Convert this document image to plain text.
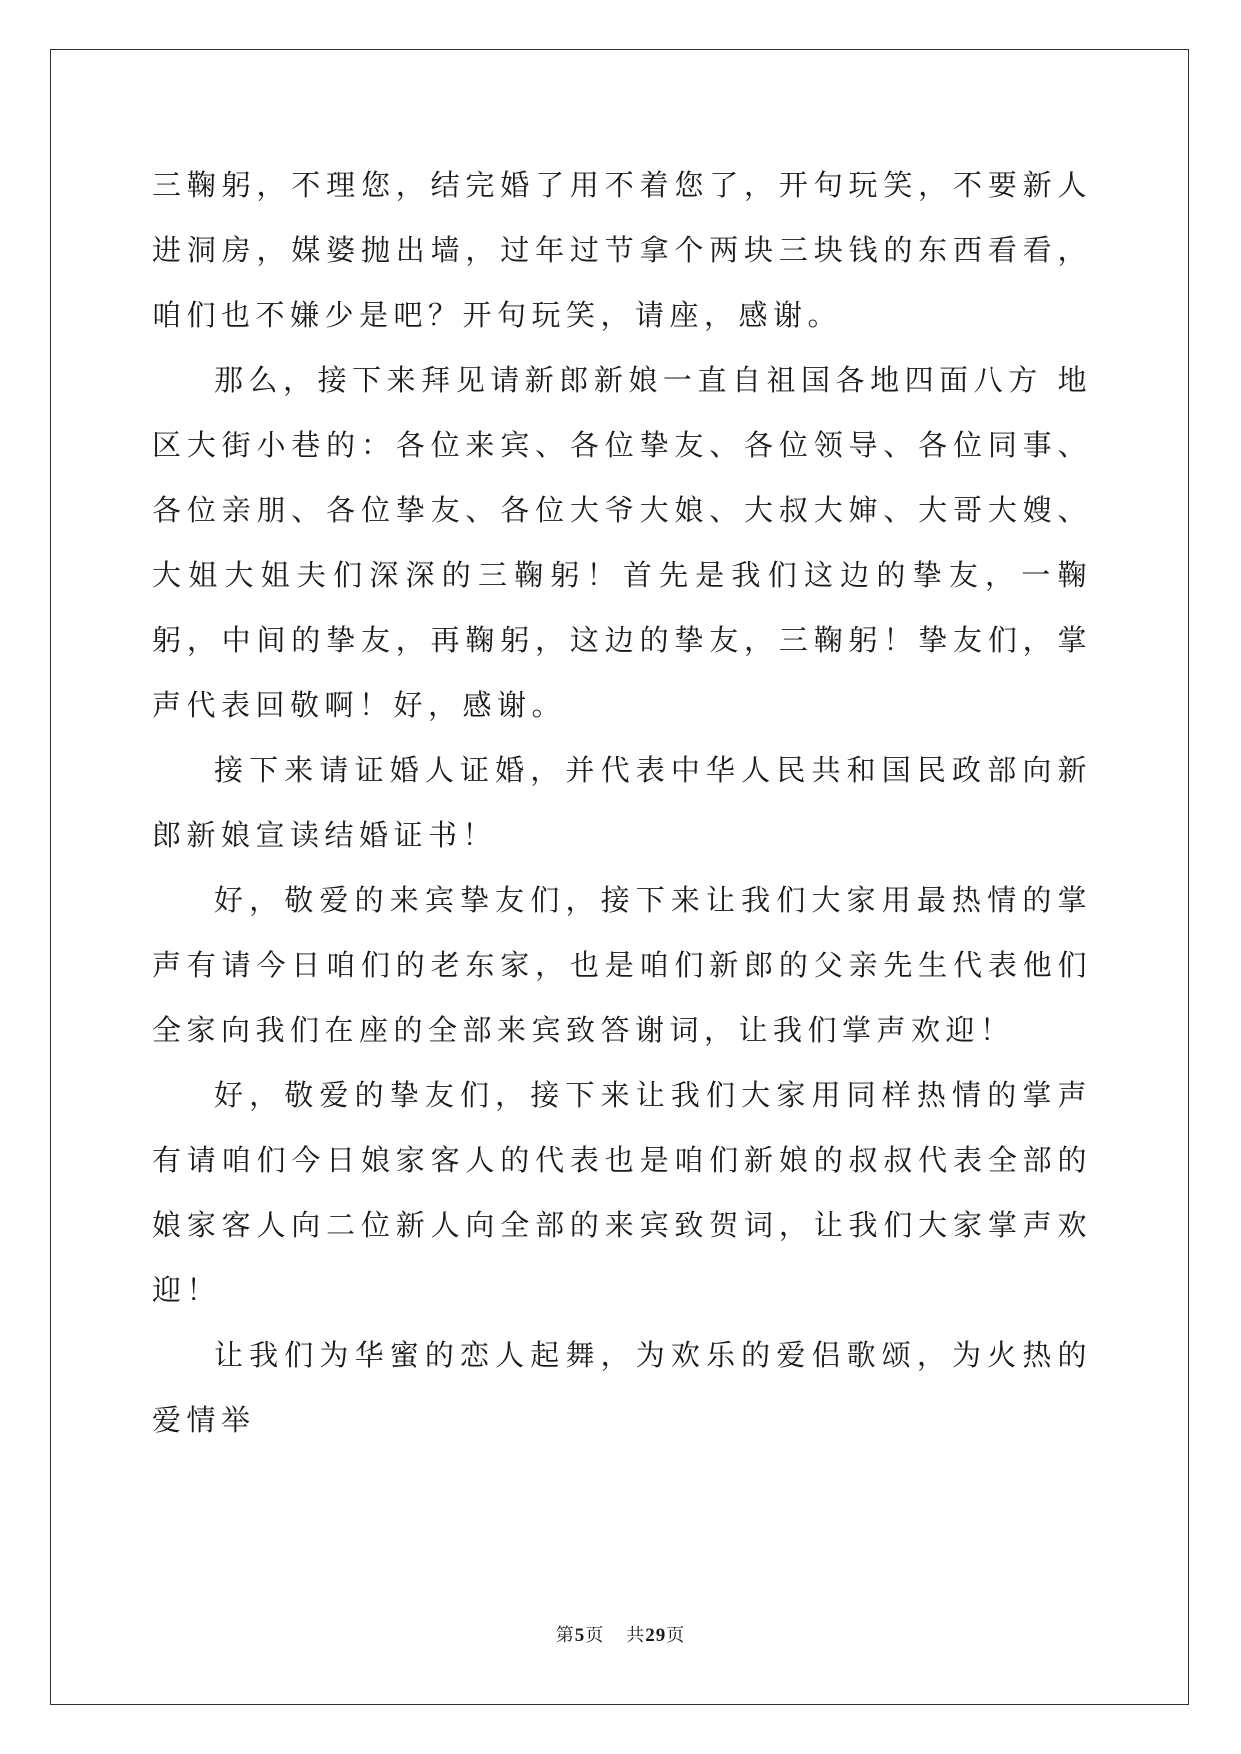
三鞠躬，不理您，结完婚了用不着您了，开句玩笑，不要新人进洞房，媒婆抛出墙，过年过节拿个两块三块钱的东西看看，咱们也不嫌少是吧？开句玩笑，请座，感谢。

那么，接下来拜见请新郎新娘一直自祖国各地四面八方 地区大街小巷的：各位来宾、各位挚友、各位领导、各位同事、各位亲朋、各位挚友、各位大爷大娘、大叔大婶、大哥大嫂、大姐大姐夫们深深的三鞠躬！首先是我们这边的挚友，一鞠躬，中间的挚友，再鞠躬，这边的挚友，三鞠躬！挚友们，掌声代表回敬啊！好，感谢。

接下来请证婚人证婚，并代表中华人民共和国民政部向新郎新娘宣读结婚证书！

好，敬爱的来宾挚友们，接下来让我们大家用最热情的掌声有请今日咱们的老东家，也是咱们新郎的父亲先生代表他们全家向我们在座的全部来宾致答谢词，让我们掌声欢迎！

好，敬爱的挚友们，接下来让我们大家用同样热情的掌声有请咱们今日娘家客人的代表也是咱们新娘的叔叔代表全部的娘家客人向二位新人向全部的来宾致贺词，让我们大家掌声欢迎！

让我们为华蜜的恋人起舞，为欢乐的爱侣歌颂，为火热的爱情举

第5页 共29页
